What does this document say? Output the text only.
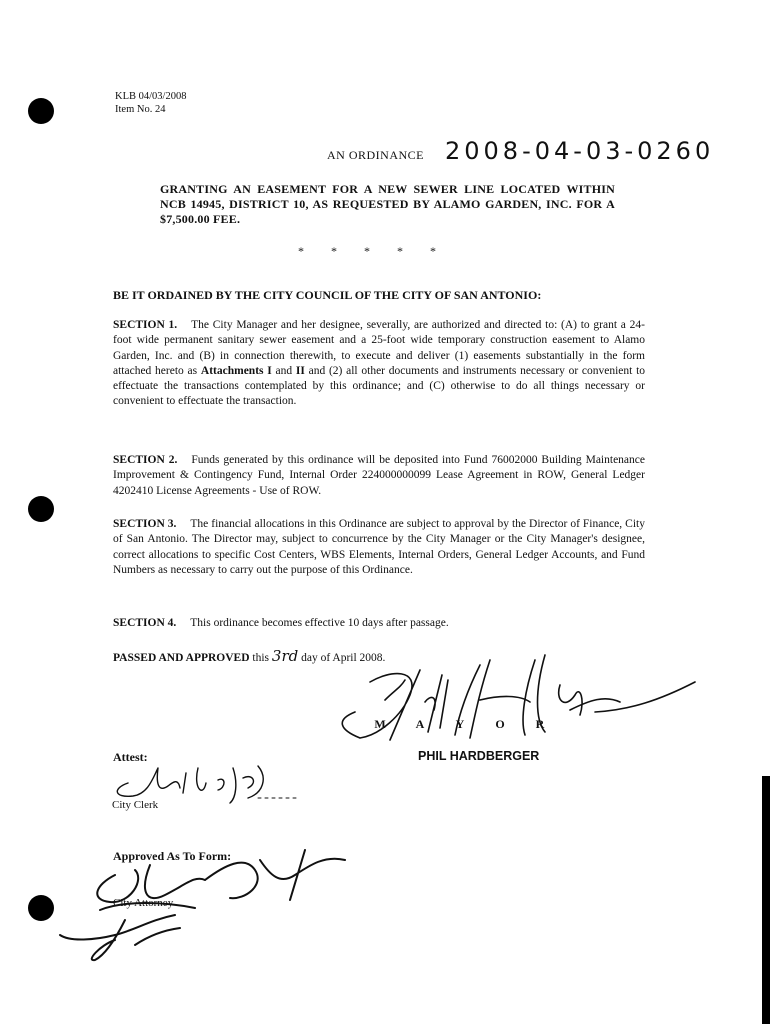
KLB 04/03/2008
Item No. 24
AN ORDINANCE 2008-04-03-0260
GRANTING AN EASEMENT FOR A NEW SEWER LINE LOCATED WITHIN NCB 14945, DISTRICT 10, AS REQUESTED BY ALAMO GARDEN, INC. FOR A $7,500.00 FEE.
* * * * *
BE IT ORDAINED BY THE CITY COUNCIL OF THE CITY OF SAN ANTONIO:
SECTION 1. The City Manager and her designee, severally, are authorized and directed to: (A) to grant a 24-foot wide permanent sanitary sewer easement and a 25-foot wide temporary construction easement to Alamo Garden, Inc. and (B) in connection therewith, to execute and deliver (1) easements substantially in the form attached hereto as Attachments I and II and (2) all other documents and instruments necessary or convenient to effectuate the transactions contemplated by this ordinance; and (C) otherwise to do all things necessary or convenient to effectuate the transaction.
SECTION 2. Funds generated by this ordinance will be deposited into Fund 76002000 Building Maintenance Improvement & Contingency Fund, Internal Order 224000000099 Lease Agreement in ROW, General Ledger 4202410 License Agreements - Use of ROW.
SECTION 3. The financial allocations in this Ordinance are subject to approval by the Director of Finance, City of San Antonio. The Director may, subject to concurrence by the City Manager or the City Manager's designee, correct allocations to specific Cost Centers, WBS Elements, Internal Orders, General Ledger Accounts, and Fund Numbers as necessary to carry out the purpose of this Ordinance.
SECTION 4. This ordinance becomes effective 10 days after passage.
PASSED AND APPROVED this 3rd day of April 2008.
M	A	Y	O	R
PHIL HARDBERGER
Attest:
City Clerk
Approved As To Form:
City Attorney
